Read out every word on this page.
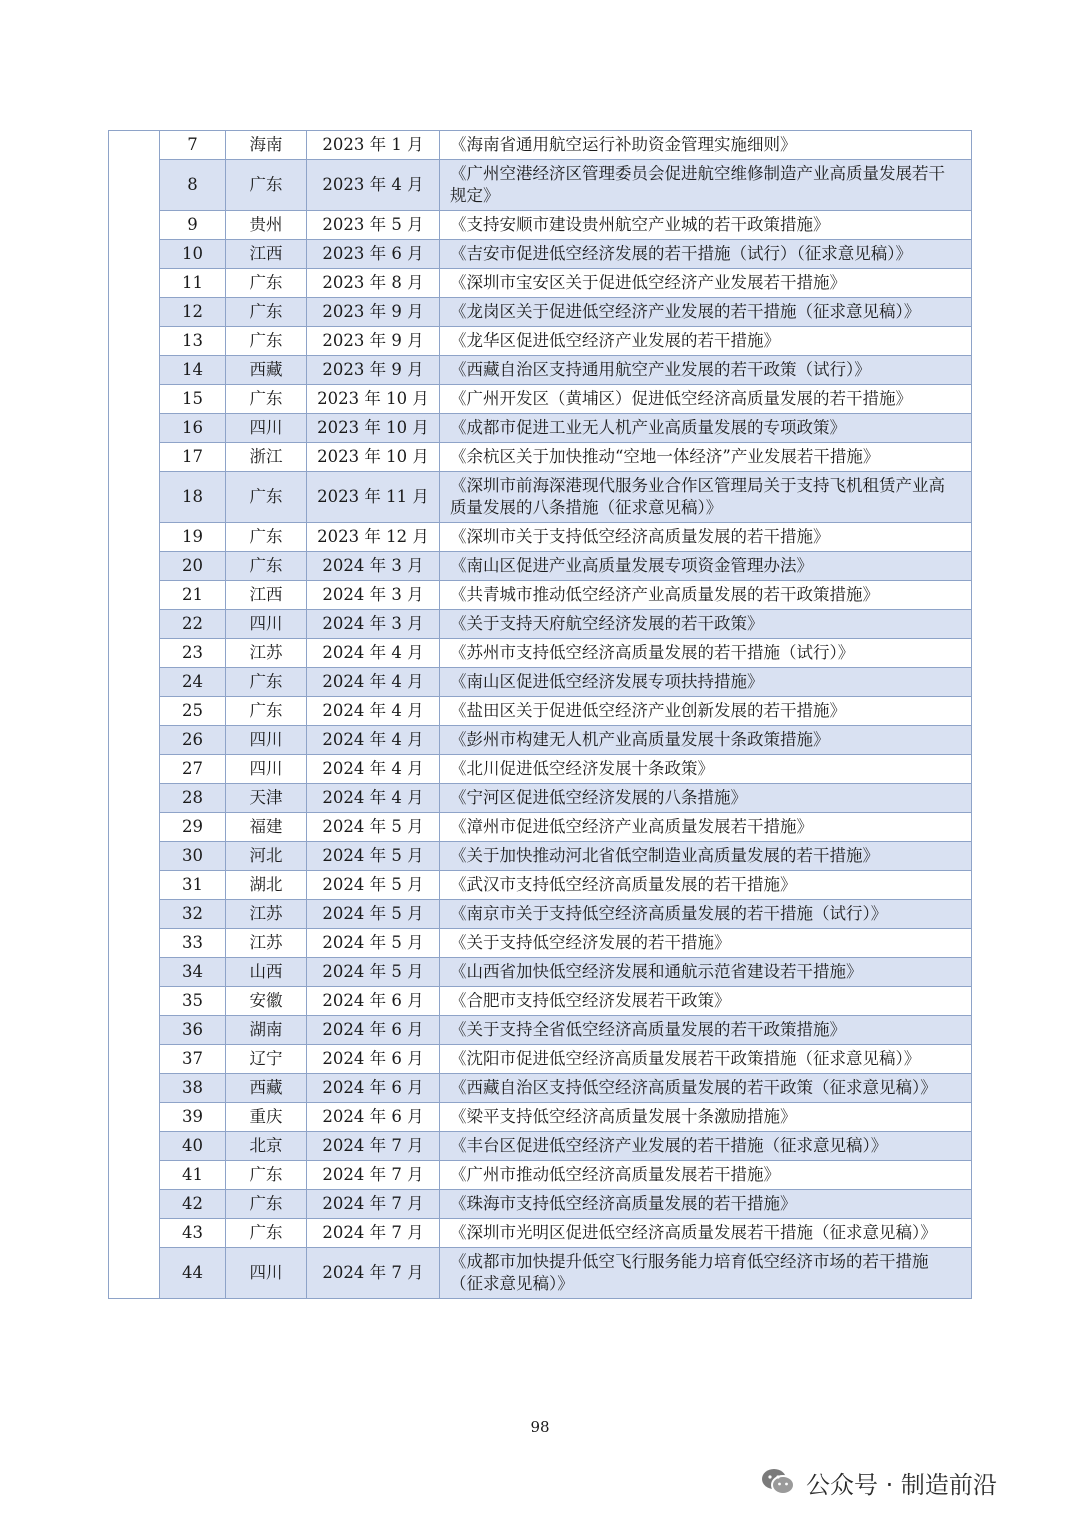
	7	海南	2023 年 1 月	《海南省通用航空运行补助资金管理实施细则》
	8	广东	2023 年 4 月	《广州空港经济区管理委员会促进航空维修制造产业高质量发展若干规定》
	9	贵州	2023 年 5 月	《支持安顺市建设贵州航空产业城的若干政策措施》
	10	江西	2023 年 6 月	《吉安市促进低空经济发展的若干措施（试行）（征求意见稿）》
	11	广东	2023 年 8 月	《深圳市宝安区关于促进低空经济产业发展若干措施》
	12	广东	2023 年 9 月	《龙岗区关于促进低空经济产业发展的若干措施（征求意见稿）》
	13	广东	2023 年 9 月	《龙华区促进低空经济产业发展的若干措施》
	14	西藏	2023 年 9 月	《西藏自治区支持通用航空产业发展的若干政策（试行）》
	15	广东	2023 年 10 月	《广州开发区（黄埔区）促进低空经济高质量发展的若干措施》
	16	四川	2023 年 10 月	《成都市促进工业无人机产业高质量发展的专项政策》
	17	浙江	2023 年 10 月	《余杭区关于加快推动“空地一体经济”产业发展若干措施》
	18	广东	2023 年 11 月	《深圳市前海深港现代服务业合作区管理局关于支持飞机租赁产业高质量发展的八条措施（征求意见稿）》
	19	广东	2023 年 12 月	《深圳市关于支持低空经济高质量发展的若干措施》
	20	广东	2024 年 3 月	《南山区促进产业高质量发展专项资金管理办法》
	21	江西	2024 年 3 月	《共青城市推动低空经济产业高质量发展的若干政策措施》
	22	四川	2024 年 3 月	《关于支持天府航空经济发展的若干政策》
	23	江苏	2024 年 4 月	《苏州市支持低空经济高质量发展的若干措施（试行）》
	24	广东	2024 年 4 月	《南山区促进低空经济发展专项扶持措施》
	25	广东	2024 年 4 月	《盐田区关于促进低空经济产业创新发展的若干措施》
	26	四川	2024 年 4 月	《彭州市构建无人机产业高质量发展十条政策措施》
	27	四川	2024 年 4 月	《北川促进低空经济发展十条政策》
	28	天津	2024 年 4 月	《宁河区促进低空经济发展的八条措施》
	29	福建	2024 年 5 月	《漳州市促进低空经济产业高质量发展若干措施》
	30	河北	2024 年 5 月	《关于加快推动河北省低空制造业高质量发展的若干措施》
	31	湖北	2024 年 5 月	《武汉市支持低空经济高质量发展的若干措施》
	32	江苏	2024 年 5 月	《南京市关于支持低空经济高质量发展的若干措施（试行）》
	33	江苏	2024 年 5 月	《关于支持低空经济发展的若干措施》
	34	山西	2024 年 5 月	《山西省加快低空经济发展和通航示范省建设若干措施》
	35	安徽	2024 年 6 月	《合肥市支持低空经济发展若干政策》
	36	湖南	2024 年 6 月	《关于支持全省低空经济高质量发展的若干政策措施》
	37	辽宁	2024 年 6 月	《沈阳市促进低空经济高质量发展若干政策措施（征求意见稿）》
	38	西藏	2024 年 6 月	《西藏自治区支持低空经济高质量发展的若干政策（征求意见稿）》
	39	重庆	2024 年 6 月	《梁平支持低空经济高质量发展十条激励措施》
	40	北京	2024 年 7 月	《丰台区促进低空经济产业发展的若干措施（征求意见稿）》
	41	广东	2024 年 7 月	《广州市推动低空经济高质量发展若干措施》
	42	广东	2024 年 7 月	《珠海市支持低空经济高质量发展的若干措施》
	43	广东	2024 年 7 月	《深圳市光明区促进低空经济高质量发展若干措施（征求意见稿）》
	44	四川	2024 年 7 月	《成都市加快提升低空飞行服务能力培育低空经济市场的若干措施（征求意见稿）》
98
公众号 · 制造前沿
